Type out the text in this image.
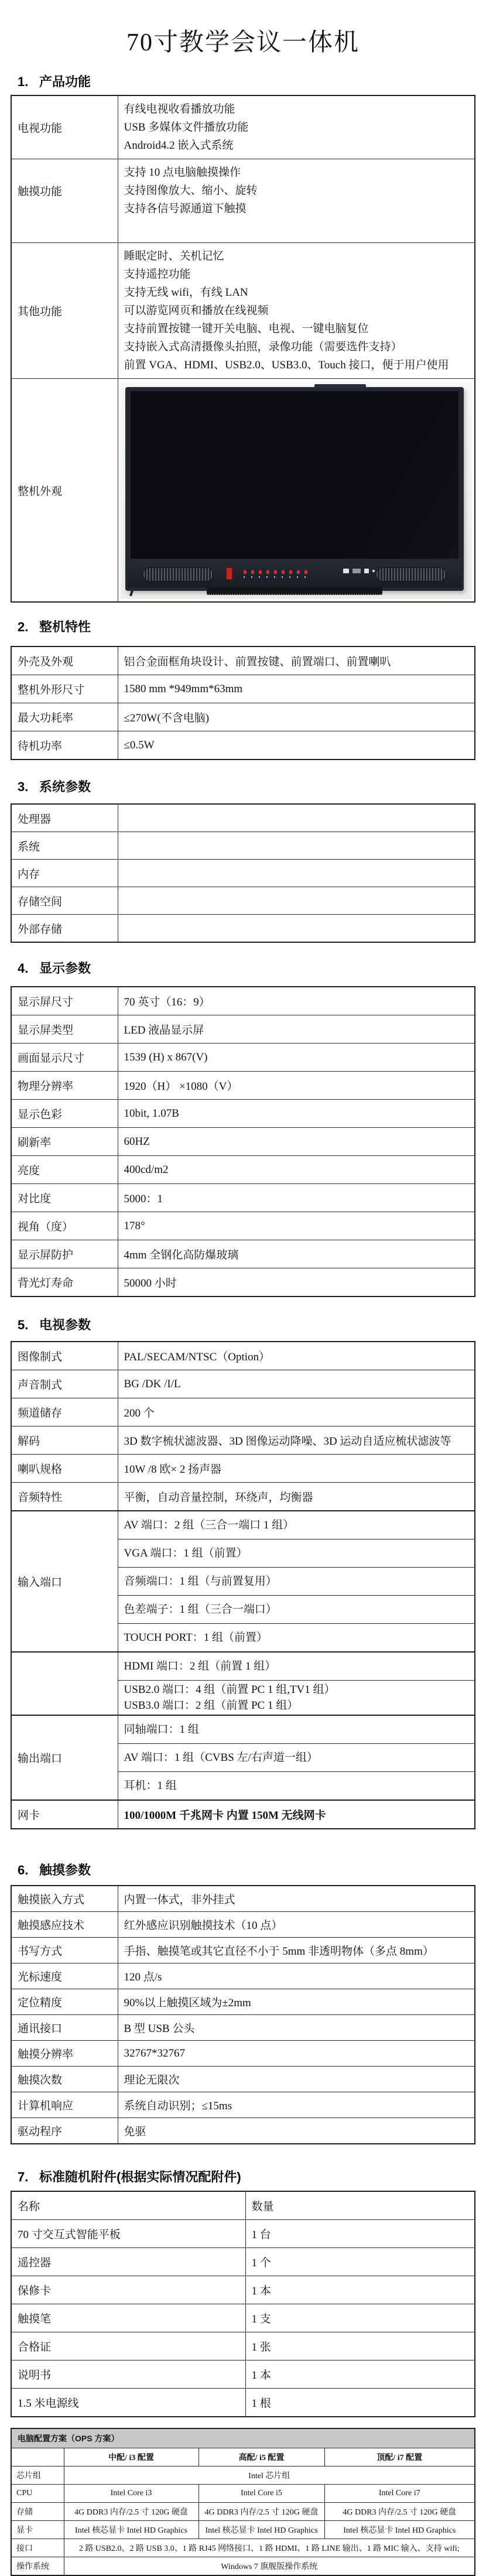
70寸教学会议一体机
1. 产品功能
电视功能	有线电视收看播放功能
USB 多媒体文件播放功能
Android4.2 嵌入式系统

触摸功能	支持 10 点电脑触摸操作
支持图像放大、缩小、旋转
支持各信号源通道下触摸

其他功能	
睡眠定时、关机记忆
支持遥控功能
支持无线 wifi，有线 LAN
可以游览网页和播放在线视频
支持前置按键一键开关电脑、电视、一键电脑复位
支持嵌入式高清摄像头拍照，录像功能（需要选件支持）
前置 VGA、HDMI、USB2.0、USB3.0、Touch 接口，便于用户使用

整机外观	
2. 整机特性
外壳及外观	铝合金面框角块设计、前置按键、前置端口、前置喇叭
整机外形尺寸	1580 mm *949mm*63mm
最大功耗率	≤270W(不含电脑)
待机功率	≤0.5W
3. 系统参数
处理器	
系统	
内存	
存储空间	
外部存储	
4. 显示参数
显示屏尺寸	70 英寸（16：9）
显示屏类型	LED 液晶显示屏
画面显示尺寸	1539 (H) x 867(V)
物理分辨率	1920（H） ×1080（V）
显示色彩	10bit, 1.07B
刷新率	60HZ
亮度	400cd/m2
对比度	5000：1
视角（度）	178°
显示屏防护	4mm 全钢化高防爆玻璃
背光灯寿命	50000 小时
5. 电视参数
图像制式	PAL/SECAM/NTSC（Option）
声音制式	BG /DK /I/L
频道储存	200 个
解码	3D 数字梳状滤波器、3D 图像运动降噪、3D 运动自适应梳状滤波等
喇叭规格	10W /8 欧× 2 扬声器
音频特性	平衡，自动音量控制，环绕声，均衡器
输入端口	AV 端口：2 组（三合一端口 1 组）

	VGA 端口：1 组（前置）

	音频端口：1 组（与前置复用）

	色差端子：1 组（三合一端口）

	TOUCH PORT：1 组（前置）

	HDMI 端口：2 组（前置 1 组）

	USB2.0 端口：4 组（前置 PC 1 组,TV1 组）
USB3.0 端口：2 组（前置 PC 1 组）

输出端口	同轴端口：1 组

	AV 端口：1 组（CVBS 左/右声道一组）

	耳机：1 组

网卡	100/1000M 千兆网卡 内置 150M 无线网卡
6. 触摸参数
触摸嵌入方式	内置一体式，非外挂式
触摸感应技术	红外感应识别触摸技术（10 点）
书写方式	手指、触摸笔或其它直径不小于 5mm 非透明物体（多点 8mm）
光标速度	120 点/s
定位精度	90%以上触摸区域为±2mm
通讯接口	B 型 USB 公头
触摸分辨率	32767*32767
触摸次数	理论无限次
计算机响应	系统自动识别；≤15ms
驱动程序	免驱
7. 标准随机附件(根据实际情况配附件)
名称	数量
70 寸交互式智能平板	1 台
遥控器	1 个
保修卡	1 本
触摸笔	1 支
合格证	1 张
说明书	1 本
1.5 米电源线	1 根
电脑配置方案（OPS 方案）			
	中配/ i3 配置	高配/ i5 配置	顶配/ i7 配置
芯片组	Intel 芯片组		
CPU	Intel Core i3	Intel Core i5	Intel Core i7
存储	4G DDR3 内存/2.5 寸 120G 硬盘	4G DDR3 内存/2.5 寸 120G 硬盘	4G DDR3 内存/2.5 寸 120G 硬盘
显卡	Intel 核芯显卡 Intel HD Graphics	Intel 核芯显卡 Intel HD Graphics	Intel 核芯显卡 Intel HD Graphics
接口	2 路 USB2.0、2 路 USB 3.0、1 路 RJ45 网络接口、1 路 HDMI、1 路 LINE 输出、1 路 MIC 输入、支持 wifi;		
操作系统	Windows 7 旗舰版操作系统		
